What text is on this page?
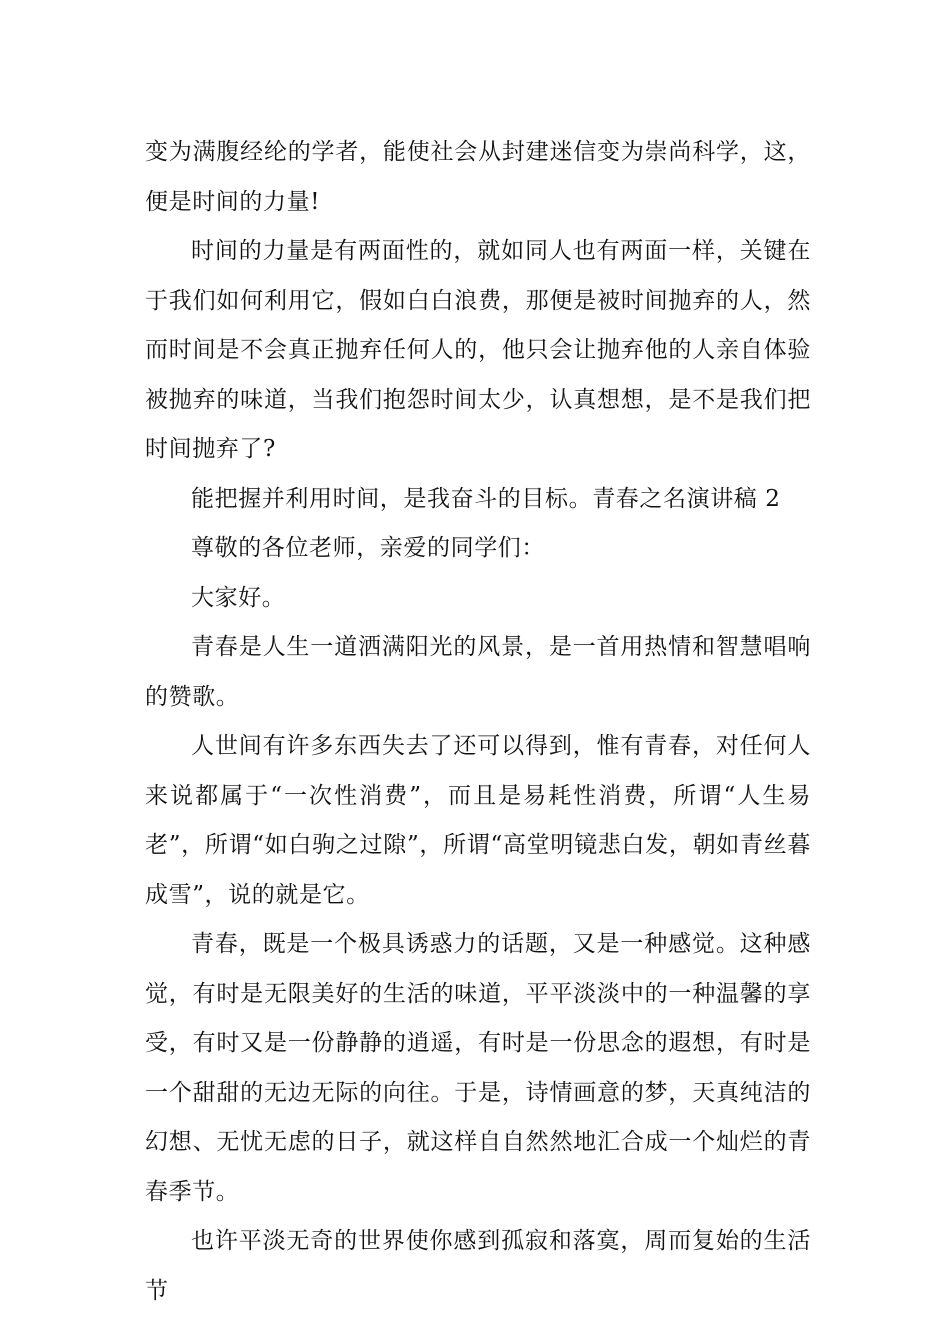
变为满腹经纶的学者，能使社会从封建迷信变为崇尚科学，这，便是时间的力量!

时间的力量是有两面性的，就如同人也有两面一样，关键在于我们如何利用它，假如白白浪费，那便是被时间抛弃的人，然而时间是不会真正抛弃任何人的，他只会让抛弃他的人亲自体验被抛弃的味道，当我们抱怨时间太少，认真想想，是不是我们把时间抛弃了?

能把握并利用时间，是我奋斗的目标。青春之名演讲稿 2

尊敬的各位老师，亲爱的同学们：

大家好。

青春是人生一道洒满阳光的风景，是一首用热情和智慧唱响的赞歌。

人世间有许多东西失去了还可以得到，惟有青春，对任何人来说都属于“一次性消费”，而且是易耗性消费，所谓“人生易老”，所谓“如白驹之过隙”，所谓“高堂明镜悲白发，朝如青丝暮成雪”，说的就是它。

青春，既是一个极具诱惑力的话题，又是一种感觉。这种感觉，有时是无限美好的生活的味道，平平淡淡中的一种温馨的享受，有时又是一份静静的逍遥，有时是一份思念的遐想，有时是一个甜甜的无边无际的向往。于是，诗情画意的梦，天真纯洁的幻想、无忧无虑的日子，就这样自自然然地汇合成一个灿烂的青春季节。

也许平淡无奇的世界使你感到孤寂和落寞，周而复始的生活节
